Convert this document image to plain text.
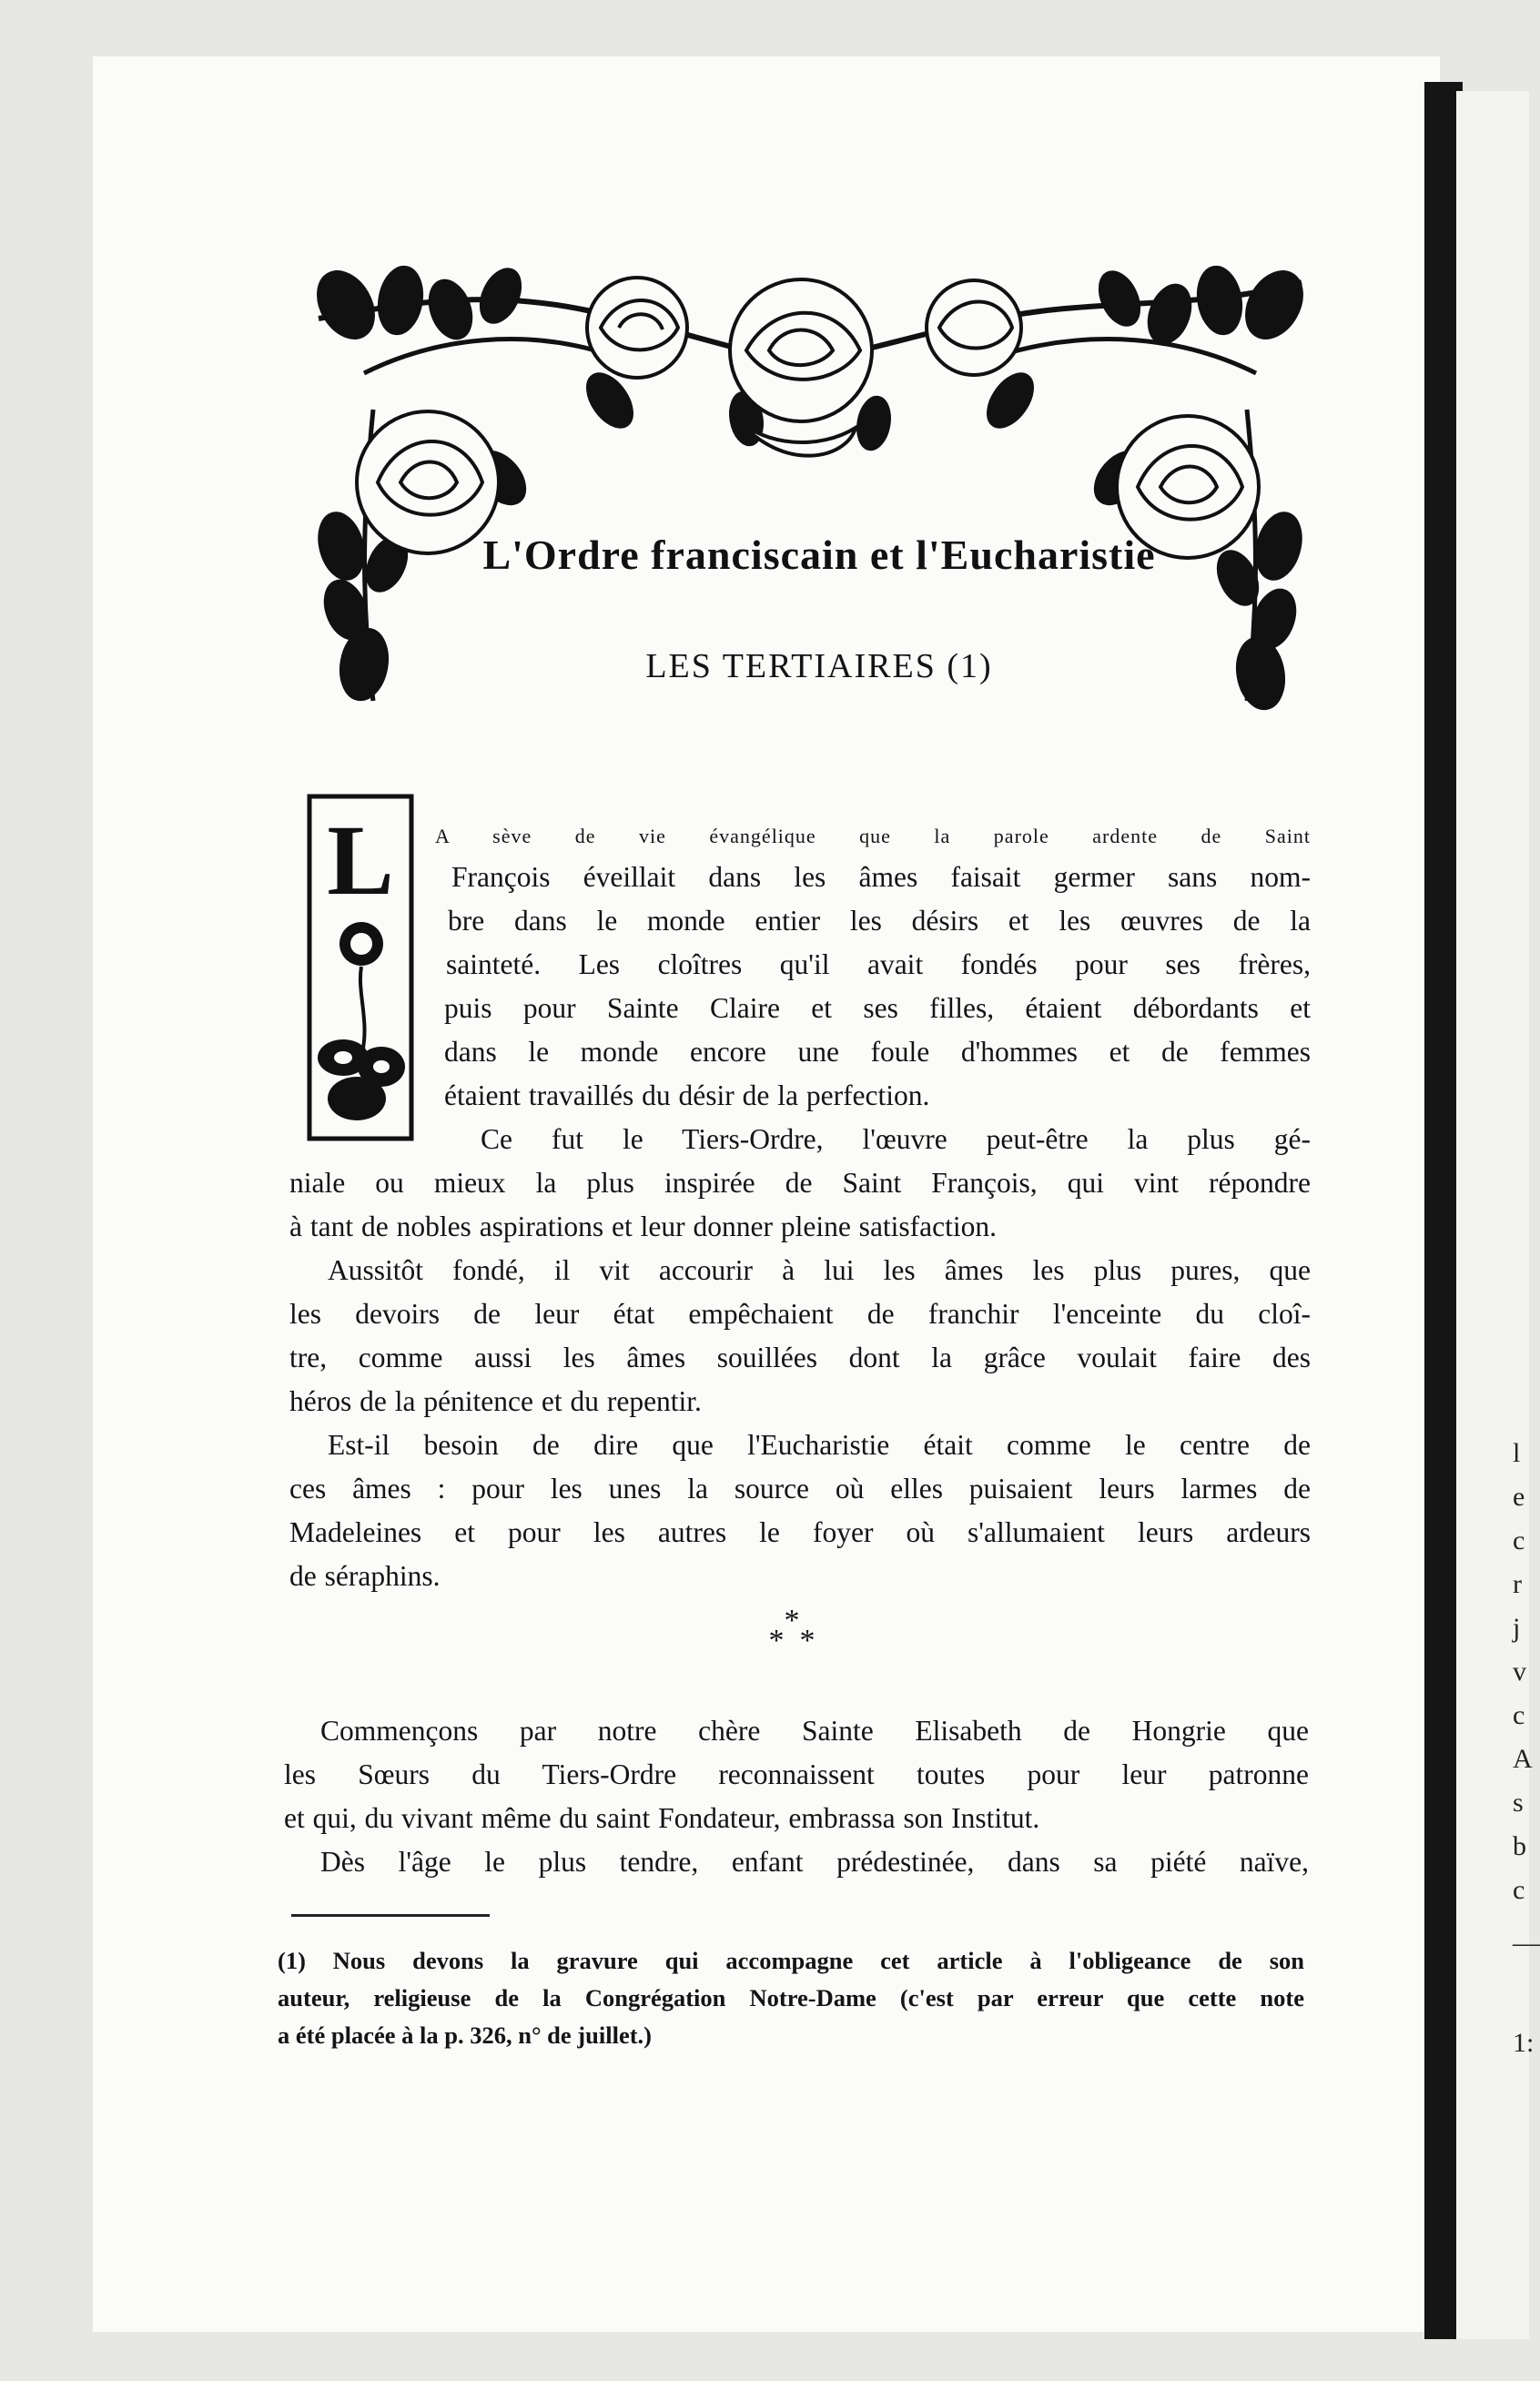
l
e
c
r
j
v
c
A
s
b
c
—
1:
L'Ordre franciscain et l'Eucharistie
LES TERTIAIRES (1)
L A sève de vie évangélique que la parole ardente de Saint

François éveillait dans les âmes faisait germer sans nom-

bre dans le monde entier les désirs et les œuvres de la

sainteté. Les cloîtres qu'il avait fondés pour ses frères,

puis pour Sainte Claire et ses filles, étaient débordants et

dans le monde encore une foule d'hommes et de femmes

étaient travaillés du désir de la perfection.

Ce fut le Tiers-Ordre, l'œuvre peut-être la plus gé-

niale ou mieux la plus inspirée de Saint François, qui vint répondre

à tant de nobles aspirations et leur donner pleine satisfaction.

Aussitôt fondé, il vit accourir à lui les âmes les plus pures, que

les devoirs de leur état empêchaient de franchir l'enceinte du cloî-

tre, comme aussi les âmes souillées dont la grâce voulait faire des

héros de la pénitence et du repentir.

Est-il besoin de dire que l'Eucharistie était comme le centre de

ces âmes : pour les unes la source où elles puisaient leurs larmes de

Madeleines et pour les autres le foyer où s'allumaient leurs ardeurs

de séraphins.

*
* *

Commençons par notre chère Sainte Elisabeth de Hongrie que

les Sœurs du Tiers-Ordre reconnaissent toutes pour leur patronne

et qui, du vivant même du saint Fondateur, embrassa son Institut.

Dès l'âge le plus tendre, enfant prédestinée, dans sa piété naïve,

(1) Nous devons la gravure qui accompagne cet article à l'obligeance de son

auteur, religieuse de la Congrégation Notre-Dame (c'est par erreur que cette note

a été placée à la p. 326, n° de juillet.)
